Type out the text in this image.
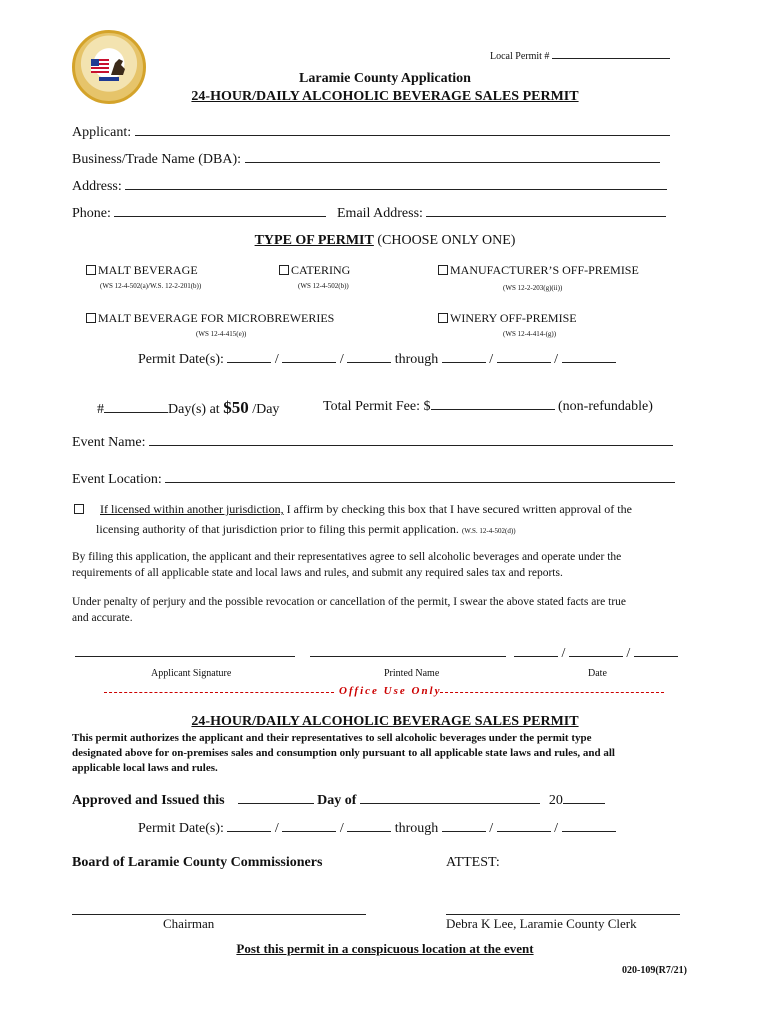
Local Permit #
Laramie County Application
24-HOUR/DAILY ALCOHOLIC BEVERAGE SALES PERMIT
Applicant:
Business/Trade Name (DBA):
Address:
Phone:	Email Address:
TYPE OF PERMIT (CHOOSE ONLY ONE)
MALT BEVERAGE
(WS 12-4-502(a)/W.S. 12-2-201(b))
CATERING
(WS 12-4-502(b))
MANUFACTURER’S OFF-PREMISE
(WS 12-2-203(g)(ii))
MALT BEVERAGE FOR MICROBREWERIES
(WS 12-4-415(e))
WINERY OFF-PREMISE
(WS 12-4-414-(g))
Permit Date(s):	/	/	through	/	/
#	Day(s) at $50 /Day	Total Permit Fee: $	(non-refundable)
Event Name:
Event Location:
If licensed within another jurisdiction, I affirm by checking this box that I have secured written approval of the
licensing authority of that jurisdiction prior to filing this permit application. (W.S. 12-4-502(d))
By filing this application, the applicant and their representatives agree to sell alcoholic beverages and operate under the
requirements of all applicable state and local laws and rules, and submit any required sales tax and reports.
Under penalty of perjury and the possible revocation or cancellation of the permit, I swear the above stated facts are true
and accurate.
/	/
Applicant Signature	Printed Name	Date
Office Use Only
24-HOUR/DAILY ALCOHOLIC BEVERAGE SALES PERMIT
This permit authorizes the applicant and their representatives to sell alcoholic beverages under the permit type
designated above for on-premises sales and consumption only pursuant to all applicable state laws and rules, and all
applicable local laws and rules.
Approved and Issued this	Day of	20
Permit Date(s):	/	/	through	/	/
Board of Laramie County Commissioners	ATTEST:
Chairman	Debra K Lee, Laramie County Clerk
Post this permit in a conspicuous location at the event
020-109(R7/21)
